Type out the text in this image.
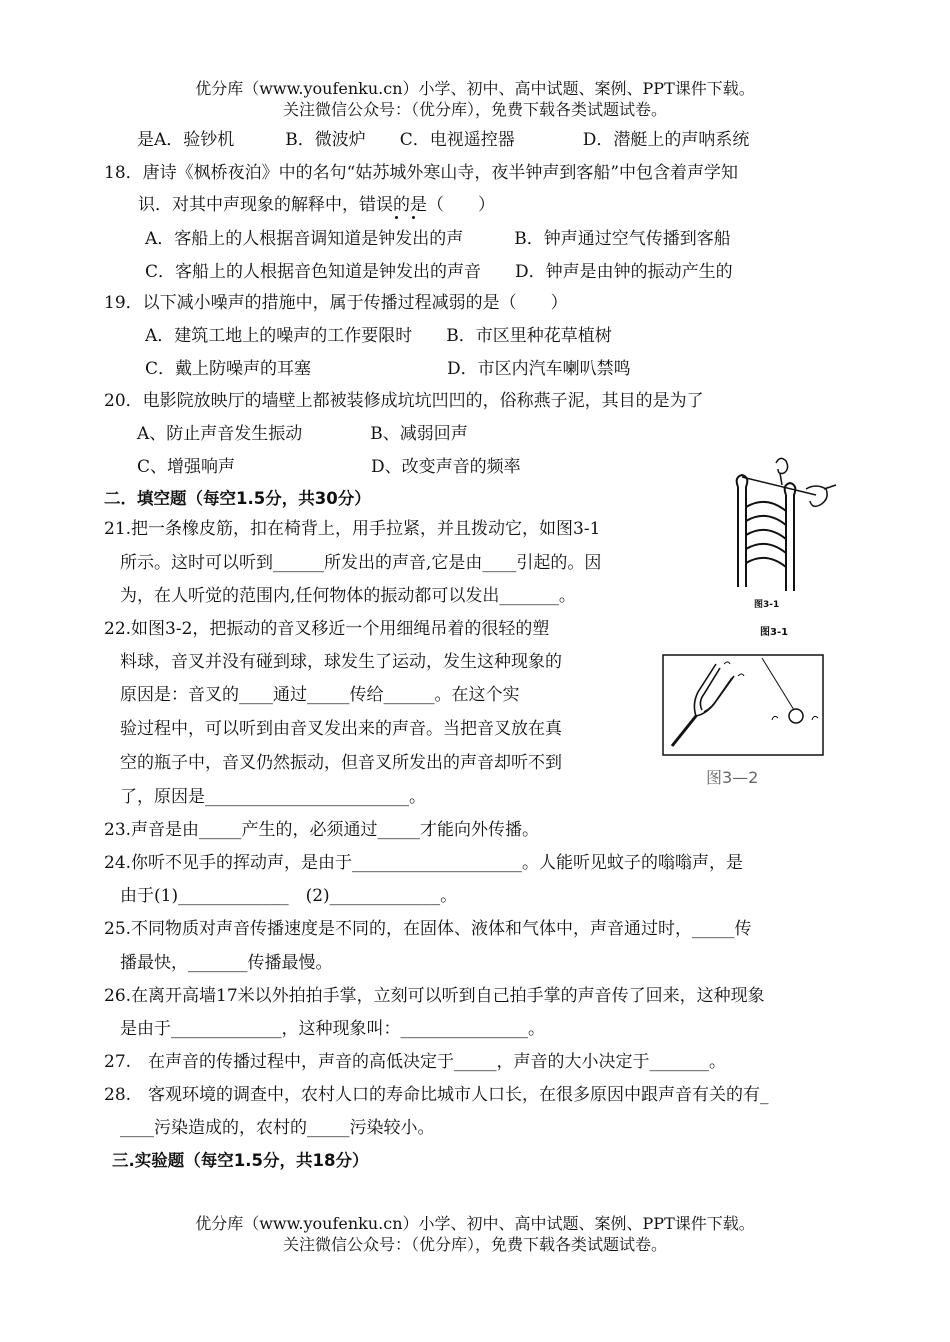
优分库（www.youfenku.cn）小学、初中、高中试题、案例、PPT课件下载。
关注微信公众号：（优分库），免费下载各类试题试卷。
是A．验钞机　　　B．微波炉　　C．电视遥控器　　　　D．潜艇上的声呐系统
18．唐诗《枫桥夜泊》中的名句“姑苏城外寒山寺，夜半钟声到客船”中包含着声学知
识．对其中声现象的解释中，错误的是（　　）
A．客船上的人根据音调知道是钟发出的声　　　B．钟声通过空气传播到客船
C．客船上的人根据音色知道是钟发出的声音　　D．钟声是由钟的振动产生的
19．以下减小噪声的措施中，属于传播过程减弱的是（　　）
A．建筑工地上的噪声的工作要限时　　B．市区里种花草植树
C．戴上防噪声的耳塞　　　　　　　　D．市区内汽车喇叭禁鸣
20．电影院放映厅的墙壁上都被装修成坑坑凹凹的，俗称燕子泥，其目的是为了
A、防止声音发生振动　　　　B、减弱回声
C、增强响声　　　　　　　　D、改变声音的频率
二．填空题（每空1.5分，共30分）
21.把一条橡皮筋，扣在椅背上，用手拉紧，并且拨动它，如图3-1
所示。这时可以听到______所发出的声音,它是由____引起的。因
为，在人听觉的范围内,任何物体的振动都可以发出_______。
22.如图3-2，把振动的音叉移近一个用细绳吊着的很轻的塑
料球，音叉并没有碰到球，球发生了运动，发生这种现象的
原因是：音叉的____通过_____传给______。在这个实
验过程中，可以听到由音叉发出来的声音。当把音叉放在真
空的瓶子中，音叉仍然振动，但音叉所发出的声音却听不到
了，原因是________________________。
23.声音是由_____产生的，必须通过_____才能向外传播。
24.你听不见手的挥动声，是由于____________________。人能听见蚊子的嗡嗡声，是
由于(1)_____________　(2)_____________。
25.不同物质对声音传播速度是不同的，在固体、液体和气体中，声音通过时，_____传
播最快，_______传播最慢。
26.在离开高墙17米以外拍拍手掌，立刻可以听到自己拍手掌的声音传了回来，这种现象
是由于_____________，这种现象叫：_______________。
27.　在声音的传播过程中，声音的高低决定于_____，声音的大小决定于_______。
28.　客观环境的调查中，农村人口的寿命比城市人口长，在很多原因中跟声音有关的有_
____污染造成的，农村的_____污染较小。
三.实验题（每空1.5分，共18分）
优分库（www.youfenku.cn）小学、初中、高中试题、案例、PPT课件下载。
关注微信公众号：（优分库），免费下载各类试题试卷。
图3-1
图3-1
图3—2
